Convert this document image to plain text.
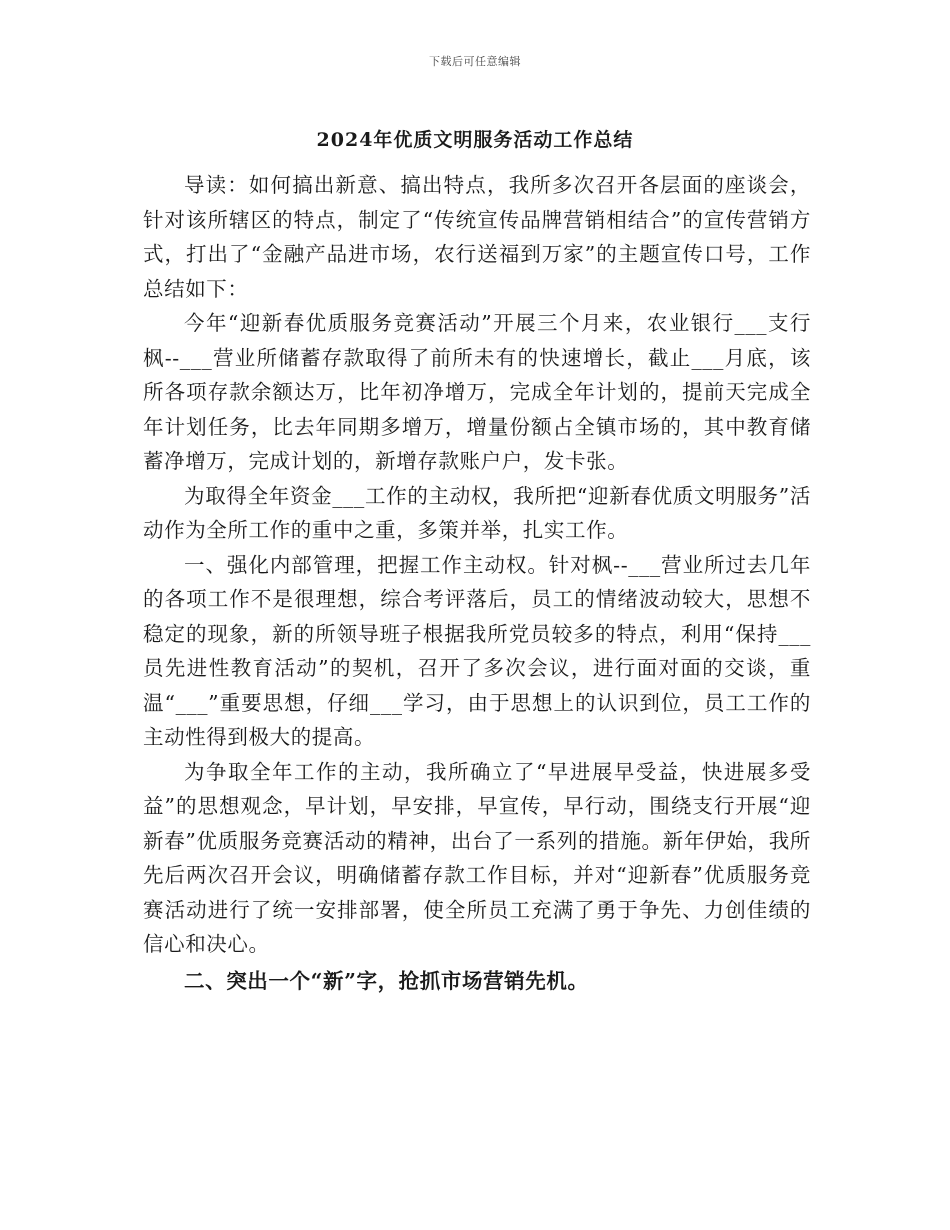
下载后可任意编辑
2024年优质文明服务活动工作总结

导读：如何搞出新意、搞出特点，我所多次召开各层面的座谈会，针对该所辖区的特点，制定了“传统宣传品牌营销相结合”的宣传营销方式，打出了“金融产品进市场，农行送福到万家”的主题宣传口号，工作总结如下：

今年“迎新春优质服务竞赛活动”开展三个月来，农业银行___支行枫--___营业所储蓄存款取得了前所未有的快速增长，截止___月底，该所各项存款余额达万，比年初净增万，完成全年计划的，提前天完成全年计划任务，比去年同期多增万，增量份额占全镇市场的，其中教育储蓄净增万，完成计划的，新增存款账户户，发卡张。

为取得全年资金___工作的主动权，我所把“迎新春优质文明服务”活动作为全所工作的重中之重，多策并举，扎实工作。

一、强化内部管理，把握工作主动权。针对枫--___营业所过去几年的各项工作不是很理想，综合考评落后，员工的情绪波动较大，思想不稳定的现象，新的所领导班子根据我所党员较多的特点，利用“保持___员先进性教育活动”的契机，召开了多次会议，进行面对面的交谈，重温“___”重要思想，仔细___学习，由于思想上的认识到位，员工工作的主动性得到极大的提高。

为争取全年工作的主动，我所确立了“早进展早受益，快进展多受益”的思想观念，早计划，早安排，早宣传，早行动，围绕支行开展“迎新春”优质服务竞赛活动的精神，出台了一系列的措施。新年伊始，我所先后两次召开会议，明确储蓄存款工作目标，并对“迎新春”优质服务竞赛活动进行了统一安排部署，使全所员工充满了勇于争先、力创佳绩的信心和决心。

二、突出一个“新”字，抢抓市场营销先机。
